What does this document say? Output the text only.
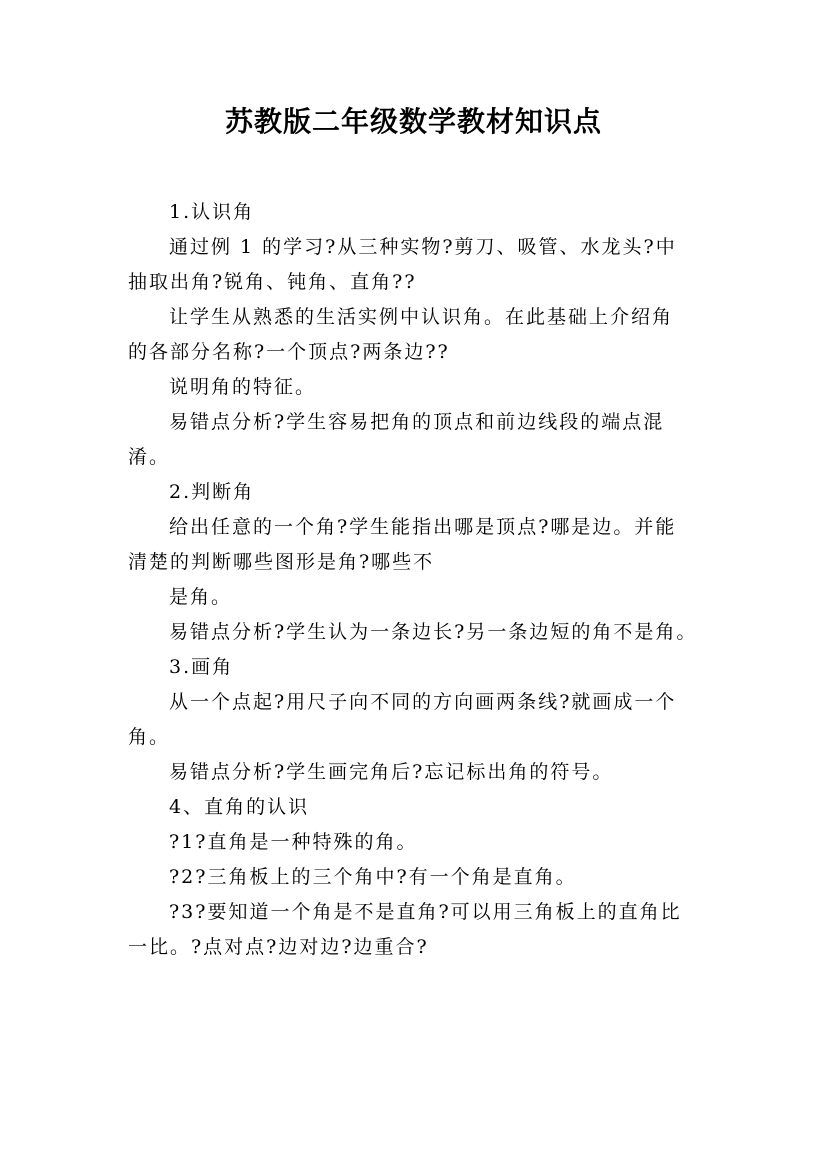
苏教版二年级数学教材知识点
1.认识角
通过例 1 的学习?从三种实物?剪刀、吸管、水龙头?中
抽取出角?锐角、钝角、直角??
让学生从熟悉的生活实例中认识角。在此基础上介绍角
的各部分名称?一个顶点?两条边??
说明角的特征。
易错点分析?学生容易把角的顶点和前边线段的端点混
淆。
2.判断角
给出任意的一个角?学生能指出哪是顶点?哪是边。并能
清楚的判断哪些图形是角?哪些不
是角。
易错点分析?学生认为一条边长?另一条边短的角不是角。
3.画角
从一个点起?用尺子向不同的方向画两条线?就画成一个
角。
易错点分析?学生画完角后?忘记标出角的符号。
4、直角的认识
?1?直角是一种特殊的角。
?2?三角板上的三个角中?有一个角是直角。
?3?要知道一个角是不是直角?可以用三角板上的直角比
一比。?点对点?边对边?边重合?
